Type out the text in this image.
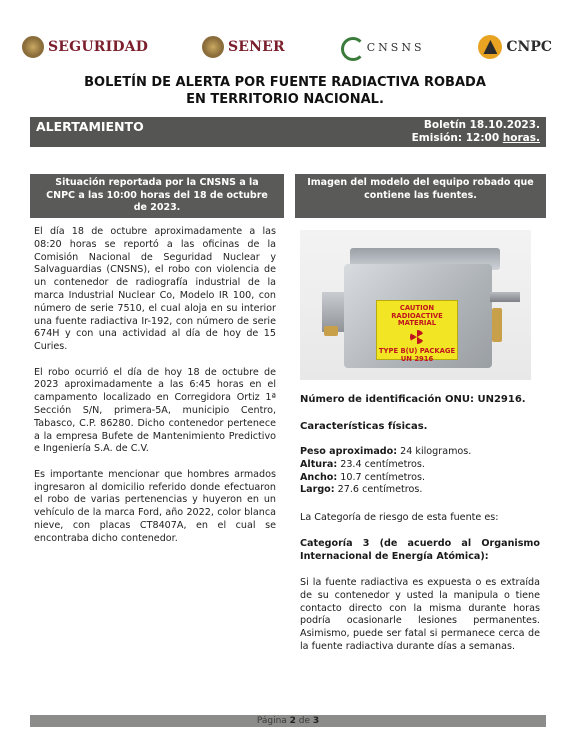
SEGURIDAD	SENER	CNSNS	CNPC
BOLETÍN DE ALERTA POR FUENTE RADIACTIVA ROBADA
EN TERRITORIO NACIONAL.
ALERTAMIENTO	Boletín 18.10.2023.
Emisión: 12:00 horas.
Situación reportada por la CNSNS a la CNPC a las 10:00 horas del 18 de octubre de 2023.
Imagen del modelo del equipo robado que contiene las fuentes.

El día 18 de octubre aproximadamente a las 08:20 horas se reportó a las oficinas de la Comisión Nacional de Seguridad Nuclear y Salvaguardias (CNSNS), el robo con violencia de un contenedor de radiografía industrial de la marca Industrial Nuclear Co, Modelo IR 100, con número de serie 7510, el cual aloja en su interior una fuente radiactiva Ir-192, con número de serie 674H y con una actividad al día de hoy de 15 Curies.

El robo ocurrió el día de hoy 18 de octubre de 2023 aproximadamente a las 6:45 horas en el campamento localizado en Corregidora Ortiz 1ª Sección S/N, primera-5A, municipio Centro, Tabasco, C.P. 86280. Dicho contenedor pertenece a la empresa Bufete de Mantenimiento Predictivo e Ingeniería S.A. de C.V.

Es importante mencionar que hombres armados ingresaron al domicilio referido donde efectuaron el robo de varias pertenencias y huyeron en un vehículo de la marca Ford, año 2022, color blanca nieve, con placas CT8407A, en el cual se encontraba dicho contenedor.

CAUTION
RADIOACTIVE
MATERIAL
TYPE B(U) PACKAGE
UN 2916
Número de identificación ONU: UN2916.
Características físicas.
Peso aproximado: 24 kilogramos.
Altura: 23.4 centímetros.
Ancho: 10.7 centímetros.
Largo: 27.6 centímetros.
La Categoría de riesgo de esta fuente es:
Categoría 3 (de acuerdo al Organismo Internacional de Energía Atómica):
Si la fuente radiactiva es expuesta o es extraída de su contenedor y usted la manipula o tiene contacto directo con la misma durante horas podría ocasionarle lesiones permanentes. Asimismo, puede ser fatal si permanece cerca de la fuente radiactiva durante días a semanas.
Página 2 de 3
